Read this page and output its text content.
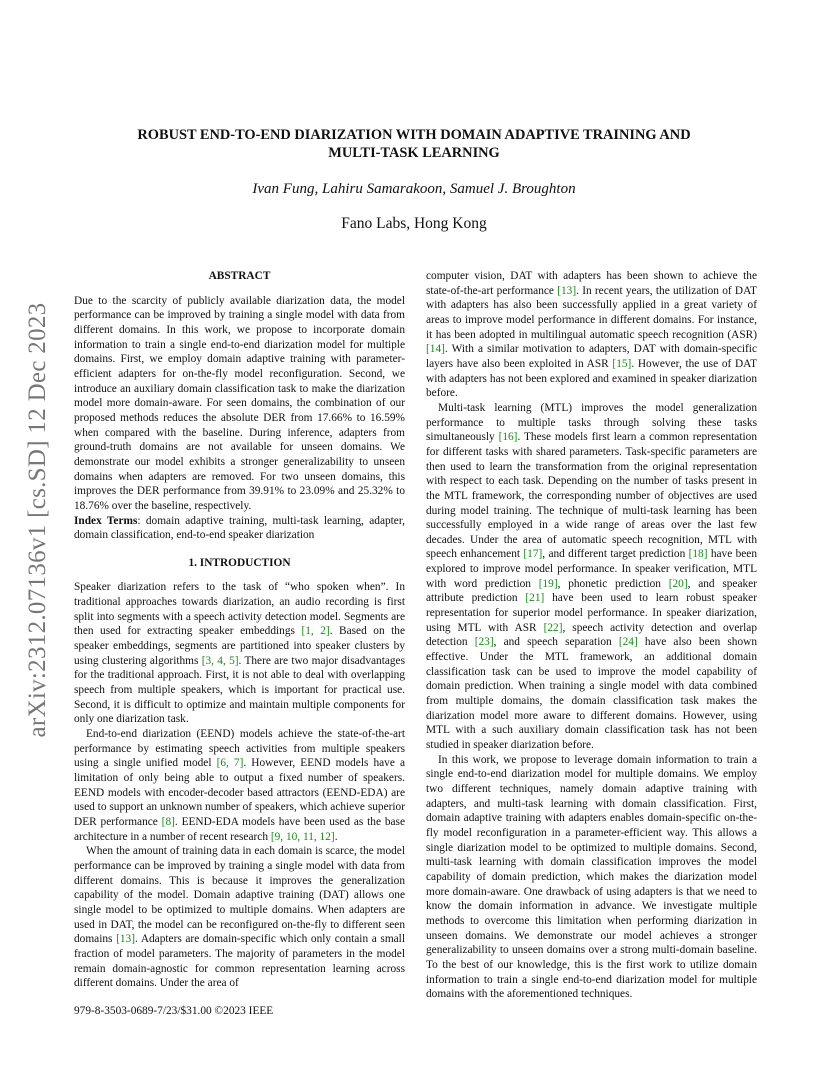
arXiv:2312.07136v1 [cs.SD] 12 Dec 2023
ROBUST END-TO-END DIARIZATION WITH DOMAIN ADAPTIVE TRAINING AND
MULTI-TASK LEARNING
Ivan Fung, Lahiru Samarakoon, Samuel J. Broughton
Fano Labs, Hong Kong
ABSTRACT

Due to the scarcity of publicly available diarization data, the model performance can be improved by training a single model with data from different domains. In this work, we propose to incorporate domain information to train a single end-to-end diarization model for multiple domains. First, we employ domain adaptive training with parameter-efficient adapters for on-the-fly model reconfiguration. Second, we introduce an auxiliary domain classification task to make the diarization model more domain-aware. For seen domains, the combination of our proposed methods reduces the absolute DER from 17.66% to 16.59% when compared with the baseline. During inference, adapters from ground-truth domains are not available for unseen domains. We demonstrate our model exhibits a stronger generalizability to unseen domains when adapters are removed. For two unseen domains, this improves the DER performance from 39.91% to 23.09% and 25.32% to 18.76% over the baseline, respectively.

Index Terms: domain adaptive training, multi-task learning, adapter, domain classification, end-to-end speaker diarization

1. INTRODUCTION

Speaker diarization refers to the task of “who spoken when”. In traditional approaches towards diarization, an audio recording is first split into segments with a speech activity detection model. Segments are then used for extracting speaker embeddings [1, 2]. Based on the speaker embeddings, segments are partitioned into speaker clusters by using clustering algorithms [3, 4, 5]. There are two major disadvantages for the traditional approach. First, it is not able to deal with overlapping speech from multiple speakers, which is important for practical use. Second, it is difficult to optimize and maintain multiple components for only one diarization task.

End-to-end diarization (EEND) models achieve the state-of-the-art performance by estimating speech activities from multiple speakers using a single unified model [6, 7]. However, EEND models have a limitation of only being able to output a fixed number of speakers. EEND models with encoder-decoder based attractors (EEND-EDA) are used to support an unknown number of speakers, which achieve superior DER performance [8]. EEND-EDA models have been used as the base architecture in a number of recent research [9, 10, 11, 12].

When the amount of training data in each domain is scarce, the model performance can be improved by training a single model with data from different domains. This is because it improves the generalization capability of the model. Domain adaptive training (DAT) allows one single model to be optimized to multiple domains. When adapters are used in DAT, the model can be reconfigured on-the-fly to different seen domains [13]. Adapters are domain-specific which only contain a small fraction of model parameters. The majority of parameters in the model remain domain-agnostic for common representation learning across different domains. Under the area of

computer vision, DAT with adapters has been shown to achieve the state-of-the-art performance [13]. In recent years, the utilization of DAT with adapters has also been successfully applied in a great variety of areas to improve model performance in different domains. For instance, it has been adopted in multilingual automatic speech recognition (ASR) [14]. With a similar motivation to adapters, DAT with domain-specific layers have also been exploited in ASR [15]. However, the use of DAT with adapters has not been explored and examined in speaker diarization before.

Multi-task learning (MTL) improves the model generalization performance to multiple tasks through solving these tasks simultaneously [16]. These models first learn a common representation for different tasks with shared parameters. Task-specific parameters are then used to learn the transformation from the original representation with respect to each task. Depending on the number of tasks present in the MTL framework, the corresponding number of objectives are used during model training. The technique of multi-task learning has been successfully employed in a wide range of areas over the last few decades. Under the area of automatic speech recognition, MTL with speech enhancement [17], and different target prediction [18] have been explored to improve model performance. In speaker verification, MTL with word prediction [19], phonetic prediction [20], and speaker attribute prediction [21] have been used to learn robust speaker representation for superior model performance. In speaker diarization, using MTL with ASR [22], speech activity detection and overlap detection [23], and speech separation [24] have also been shown effective. Under the MTL framework, an additional domain classification task can be used to improve the model capability of domain prediction. When training a single model with data combined from multiple domains, the domain classification task makes the diarization model more aware to different domains. However, using MTL with a such auxiliary domain classification task has not been studied in speaker diarization before.

In this work, we propose to leverage domain information to train a single end-to-end diarization model for multiple domains. We employ two different techniques, namely domain adaptive training with adapters, and multi-task learning with domain classification. First, domain adaptive training with adapters enables domain-specific on-the-fly model reconfiguration in a parameter-efficient way. This allows a single diarization model to be optimized to multiple domains. Second, multi-task learning with domain classification improves the model capability of domain prediction, which makes the diarization model more domain-aware. One drawback of using adapters is that we need to know the domain information in advance. We investigate multiple methods to overcome this limitation when performing diarization in unseen domains. We demonstrate our model achieves a stronger generalizability to unseen domains over a strong multi-domain baseline. To the best of our knowledge, this is the first work to utilize domain information to train a single end-to-end diarization model for multiple domains with the aforementioned techniques.

979-8-3503-0689-7/23/$31.00 ©2023 IEEE
